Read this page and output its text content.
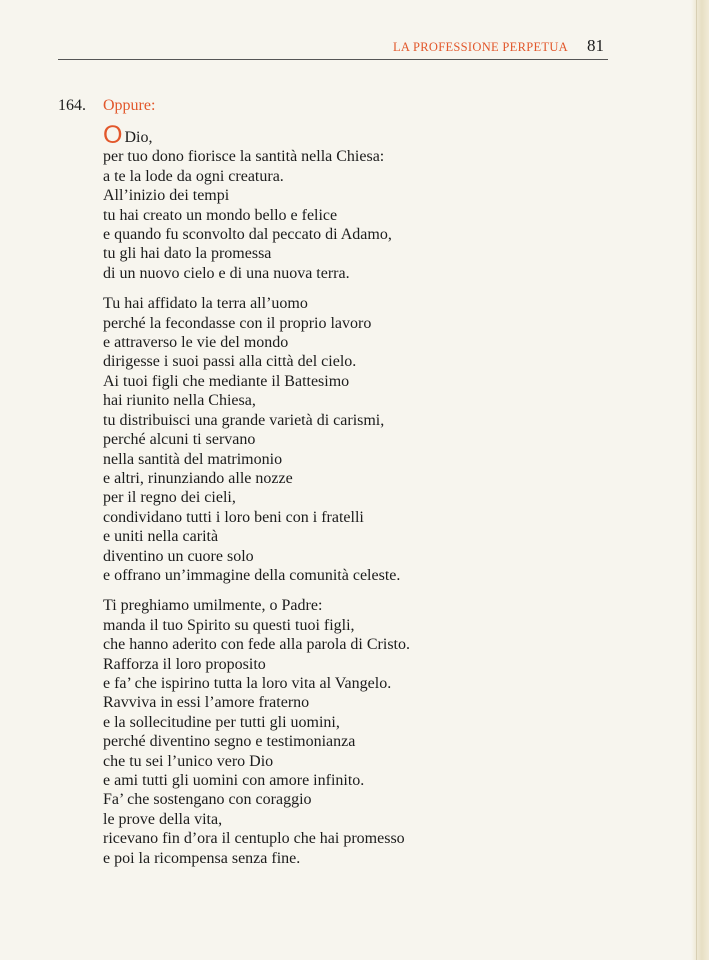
LA PROFESSIONE PERPETUA 81
164. Oppure:
O Dio,
per tuo dono fiorisce la santità nella Chiesa:
a te la lode da ogni creatura.
All’inizio dei tempi
tu hai creato un mondo bello e felice
e quando fu sconvolto dal peccato di Adamo,
tu gli hai dato la promessa
di un nuovo cielo e di una nuova terra.
Tu hai affidato la terra all’uomo
perché la fecondasse con il proprio lavoro
e attraverso le vie del mondo
dirigesse i suoi passi alla città del cielo.
Ai tuoi figli che mediante il Battesimo
hai riunito nella Chiesa,
tu distribuisci una grande varietà di carismi,
perché alcuni ti servano
nella santità del matrimonio
e altri, rinunziando alle nozze
per il regno dei cieli,
condividano tutti i loro beni con i fratelli
e uniti nella carità
diventino un cuore solo
e offrano un’immagine della comunità celeste.
Ti preghiamo umilmente, o Padre:
manda il tuo Spirito su questi tuoi figli,
che hanno aderito con fede alla parola di Cristo.
Rafforza il loro proposito
e fa’ che ispirino tutta la loro vita al Vangelo.
Ravviva in essi l’amore fraterno
e la sollecitudine per tutti gli uomini,
perché diventino segno e testimonianza
che tu sei l’unico vero Dio
e ami tutti gli uomini con amore infinito.
Fa’ che sostengano con coraggio
le prove della vita,
ricevano fin d’ora il centuplo che hai promesso
e poi la ricompensa senza fine.
